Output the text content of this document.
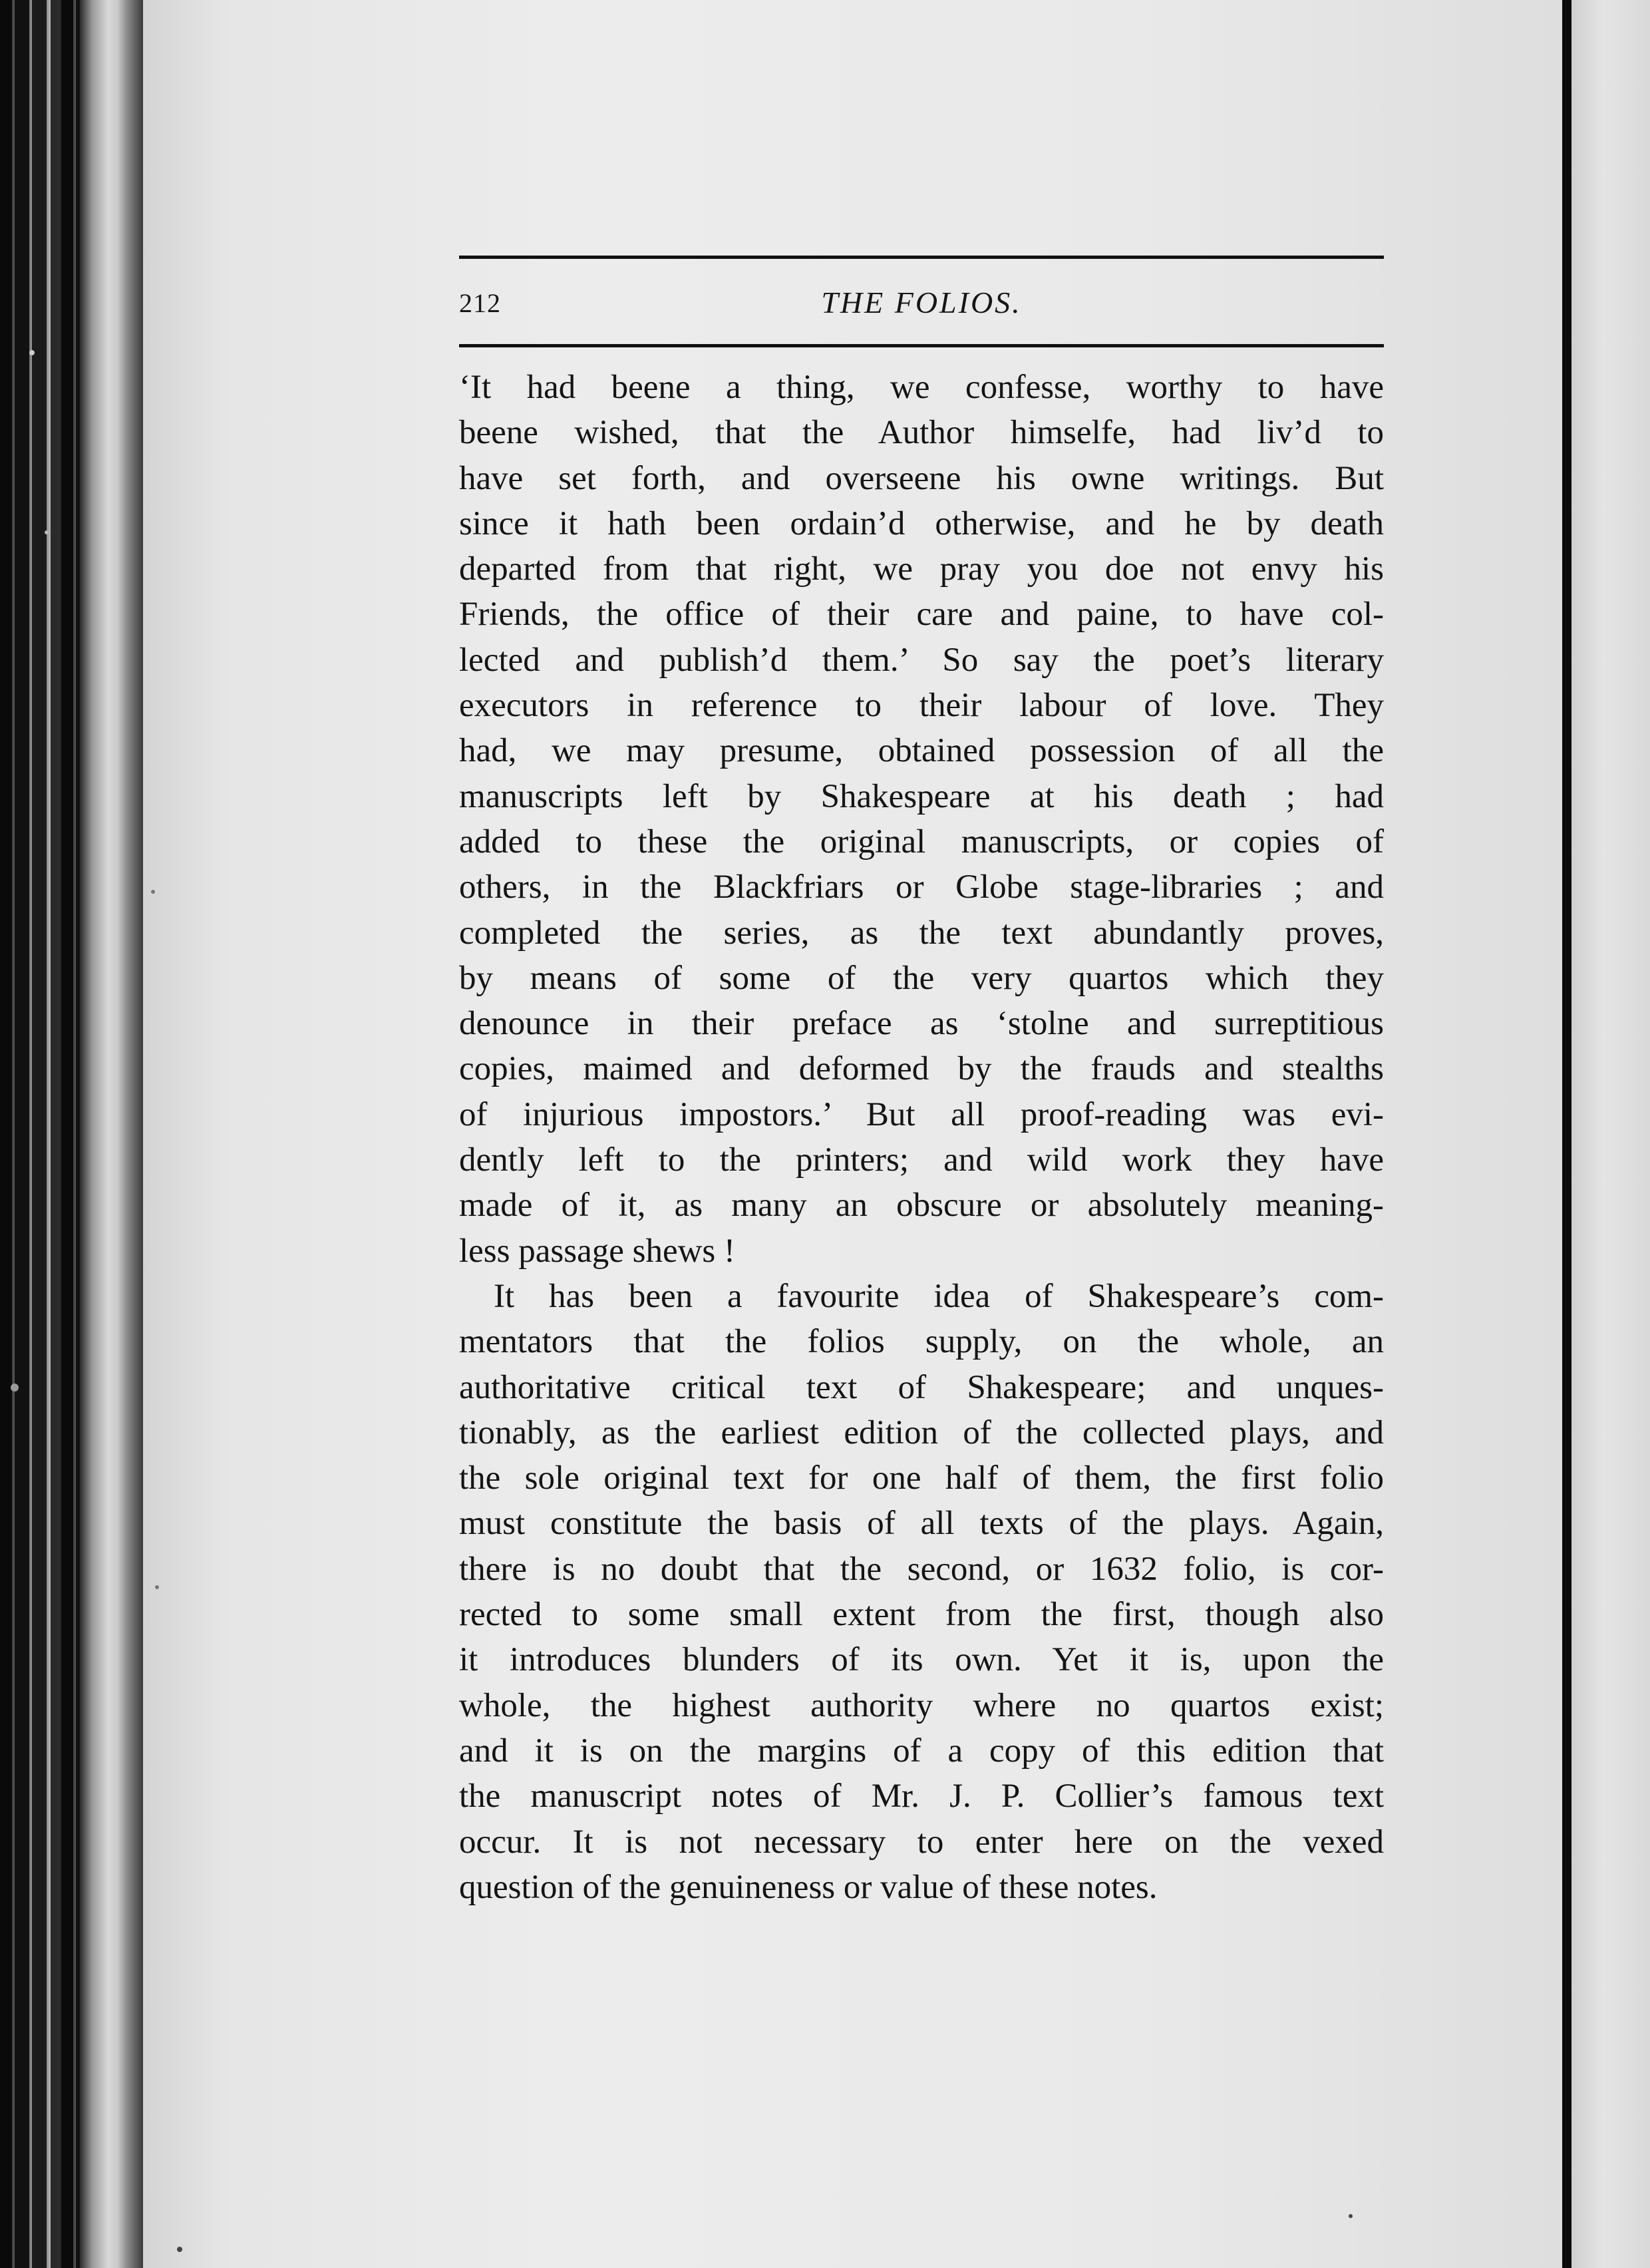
212	THE FOLIOS.
‘It had beene a thing, we confesse, worthy to have
beene wished, that the Author himselfe, had liv’d to
have set forth, and overseene his owne writings. But
since it hath been ordain’d otherwise, and he by death
departed from that right, we pray you doe not envy his
Friends, the office of their care and paine, to have col-
lected and publish’d them.’ So say the poet’s literary
executors in reference to their labour of love. They
had, we may presume, obtained possession of all the
manuscripts left by Shakespeare at his death ; had
added to these the original manuscripts, or copies of
others, in the Blackfriars or Globe stage-libraries ; and
completed the series, as the text abundantly proves,
by means of some of the very quartos which they
denounce in their preface as ‘stolne and surreptitious
copies, maimed and deformed by the frauds and stealths
of injurious impostors.’ But all proof-reading was evi-
dently left to the printers; and wild work they have
made of it, as many an obscure or absolutely meaning-
less passage shews !
It has been a favourite idea of Shakespeare’s com-
mentators that the folios supply, on the whole, an
authoritative critical text of Shakespeare; and unques-
tionably, as the earliest edition of the collected plays, and
the sole original text for one half of them, the first folio
must constitute the basis of all texts of the plays. Again,
there is no doubt that the second, or 1632 folio, is cor-
rected to some small extent from the first, though also
it introduces blunders of its own. Yet it is, upon the
whole, the highest authority where no quartos exist;
and it is on the margins of a copy of this edition that
the manuscript notes of Mr. J. P. Collier’s famous text
occur. It is not necessary to enter here on the vexed
question of the genuineness or value of these notes.
